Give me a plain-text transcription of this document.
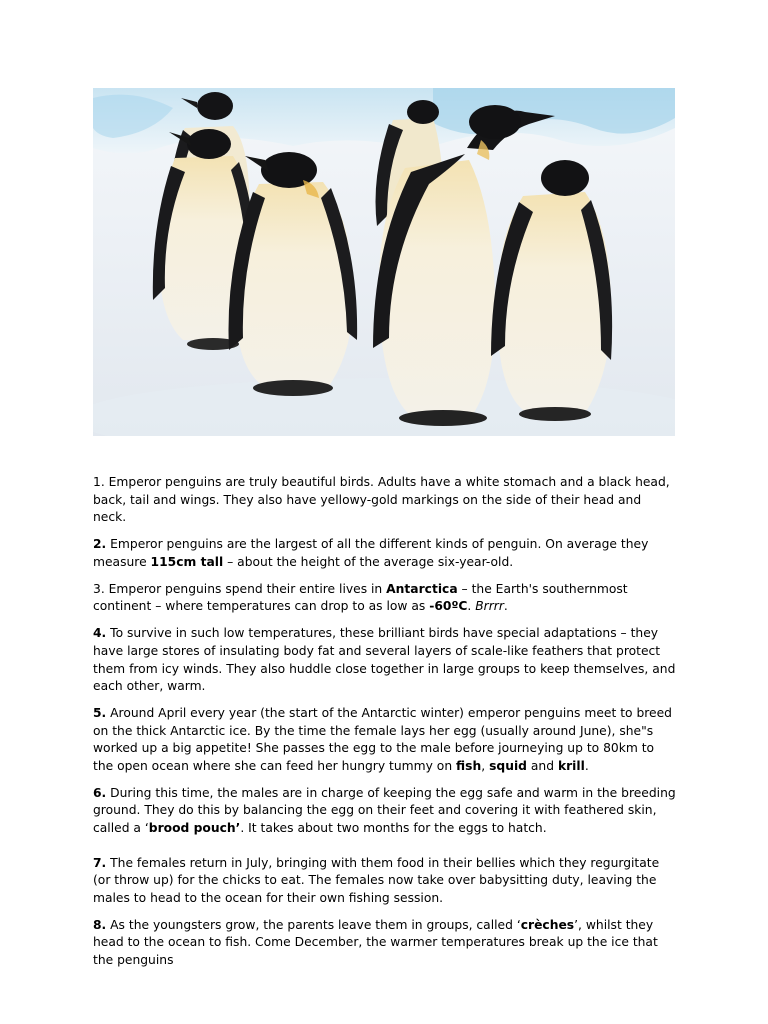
1. Emperor penguins are truly beautiful birds. Adults have a white stomach and a black head, back, tail and wings. They also have yellowy-gold markings on the side of their head and neck.

2. Emperor penguins are the largest of all the different kinds of penguin. On average they measure 115cm tall – about the height of the average six-year-old.

3. Emperor penguins spend their entire lives in Antarctica – the Earth's southernmost continent – where temperatures can drop to as low as -60ºC. Brrrr.

4. To survive in such low temperatures, these brilliant birds have special adaptations – they have large stores of insulating body fat and several layers of scale-like feathers that protect them from icy winds. They also huddle close together in large groups to keep themselves, and each other, warm.

5. Around April every year (the start of the Antarctic winter) emperor penguins meet to breed on the thick Antarctic ice. By the time the female lays her egg (usually around June), she"s worked up a big appetite! She passes the egg to the male before journeying up to 80km to the open ocean where she can feed her hungry tummy on fish, squid and krill.

6. During this time, the males are in charge of keeping the egg safe and warm in the breeding ground. They do this by balancing the egg on their feet and covering it with feathered skin, called a ‘brood pouch’. It takes about two months for the eggs to hatch.

7. The females return in July, bringing with them food in their bellies which they regurgitate (or throw up) for the chicks to eat. The females now take over babysitting duty, leaving the males to head to the ocean for their own fishing session.

8. As the youngsters grow, the parents leave them in groups, called ‘crèches’, whilst they head to the ocean to fish. Come December, the warmer temperatures break up the ice that the penguins
